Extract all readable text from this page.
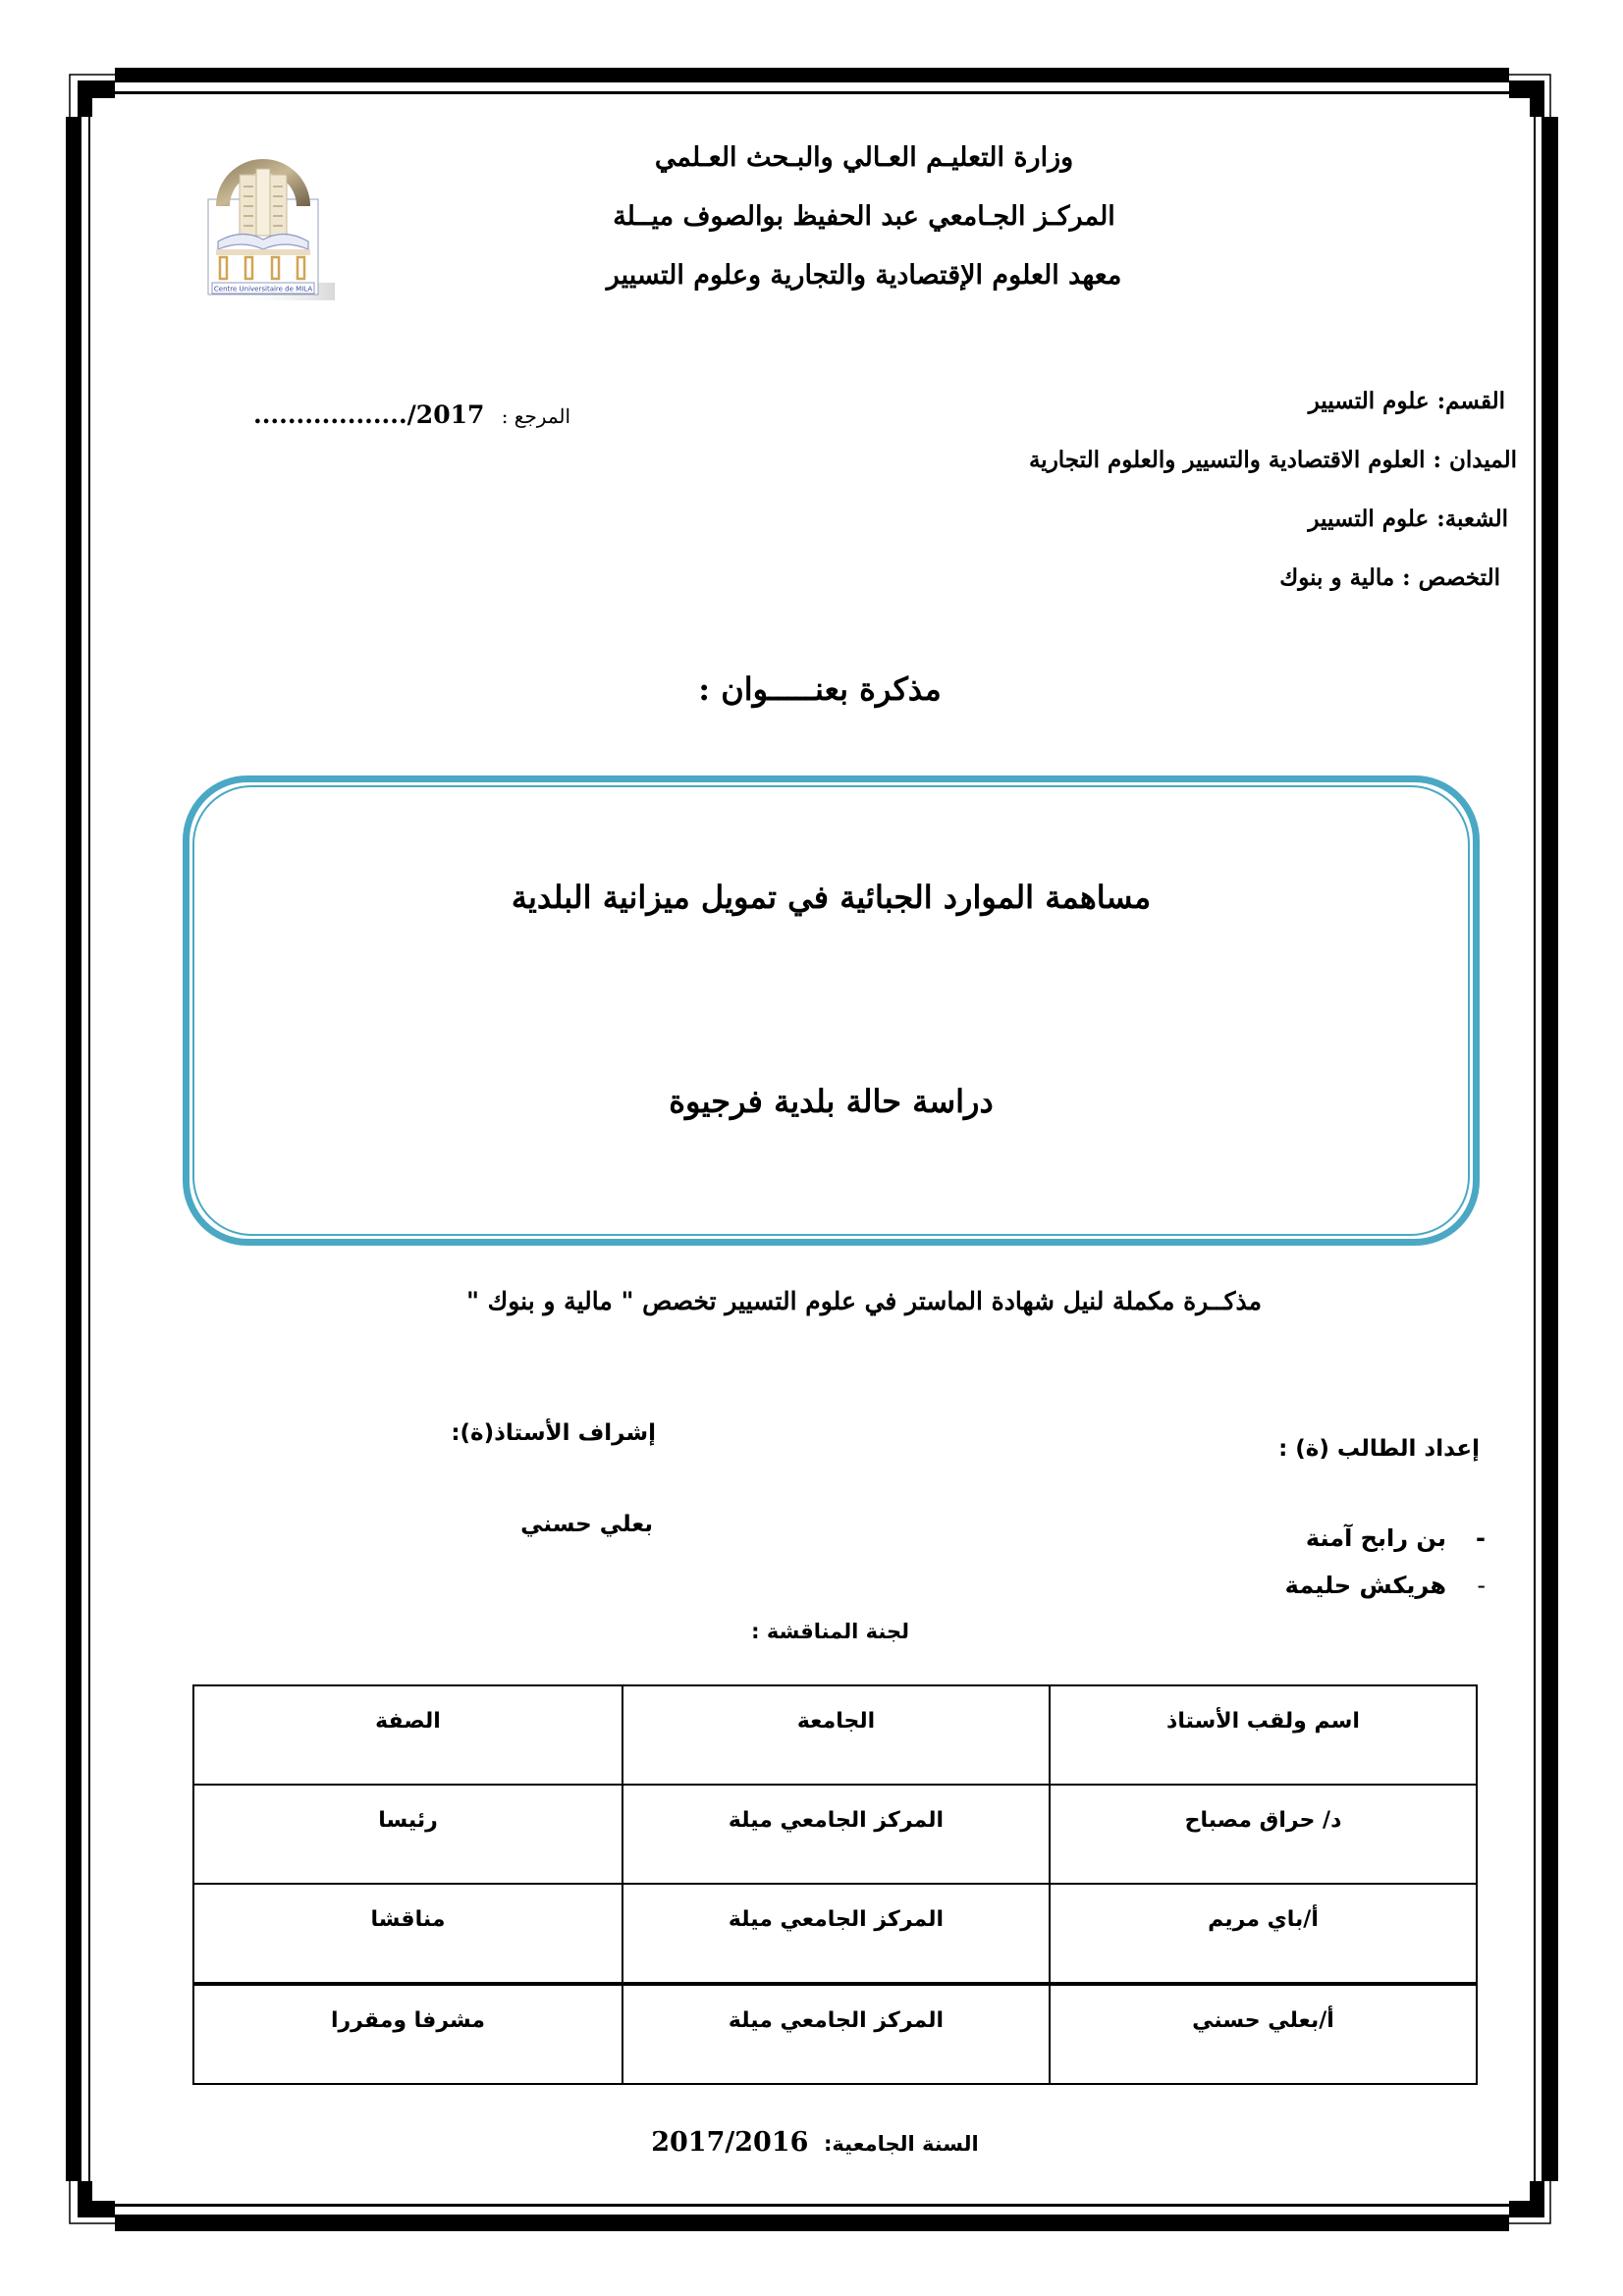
Centre Universitaire de MILA
وزارة التعليـم العـالي والبـحث العـلمي
المركـز الجـامعي عبد الحفيظ بوالصوف ميــلة
معهد العلوم الإقتصادية والتجارية وعلوم التسيير
القسم: علوم التسيير
الميدان : العلوم الاقتصادية والتسيير والعلوم التجارية
الشعبة: علوم التسيير
التخصص : مالية و بنوك
................../2017 المرجع :
مذكرة بعنـــــوان :
مساهمة الموارد الجبائية في تمويل ميزانية البلدية
دراسة حالة بلدية فرجيوة
مذكــرة مكملة لنيل شهادة الماستر في علوم التسيير تخصص " مالية و بنوك "
إشراف الأستاذ(ة):
إعداد الطالب (ة) :
بعلي حسني	-
بن رابح آمنة
-
هريكش حليمة
لجنة المناقشة :
اسم ولقب الأستاذ	الجامعة	الصفة

د/ حراق مصباح	المركز الجامعي ميلة	رئيسا

أ/باي مريم	المركز الجامعي ميلة	مناقشا

أ/بعلي حسني	المركز الجامعي ميلة	مشرفا ومقررا
2017/2016 السنة الجامعية:
